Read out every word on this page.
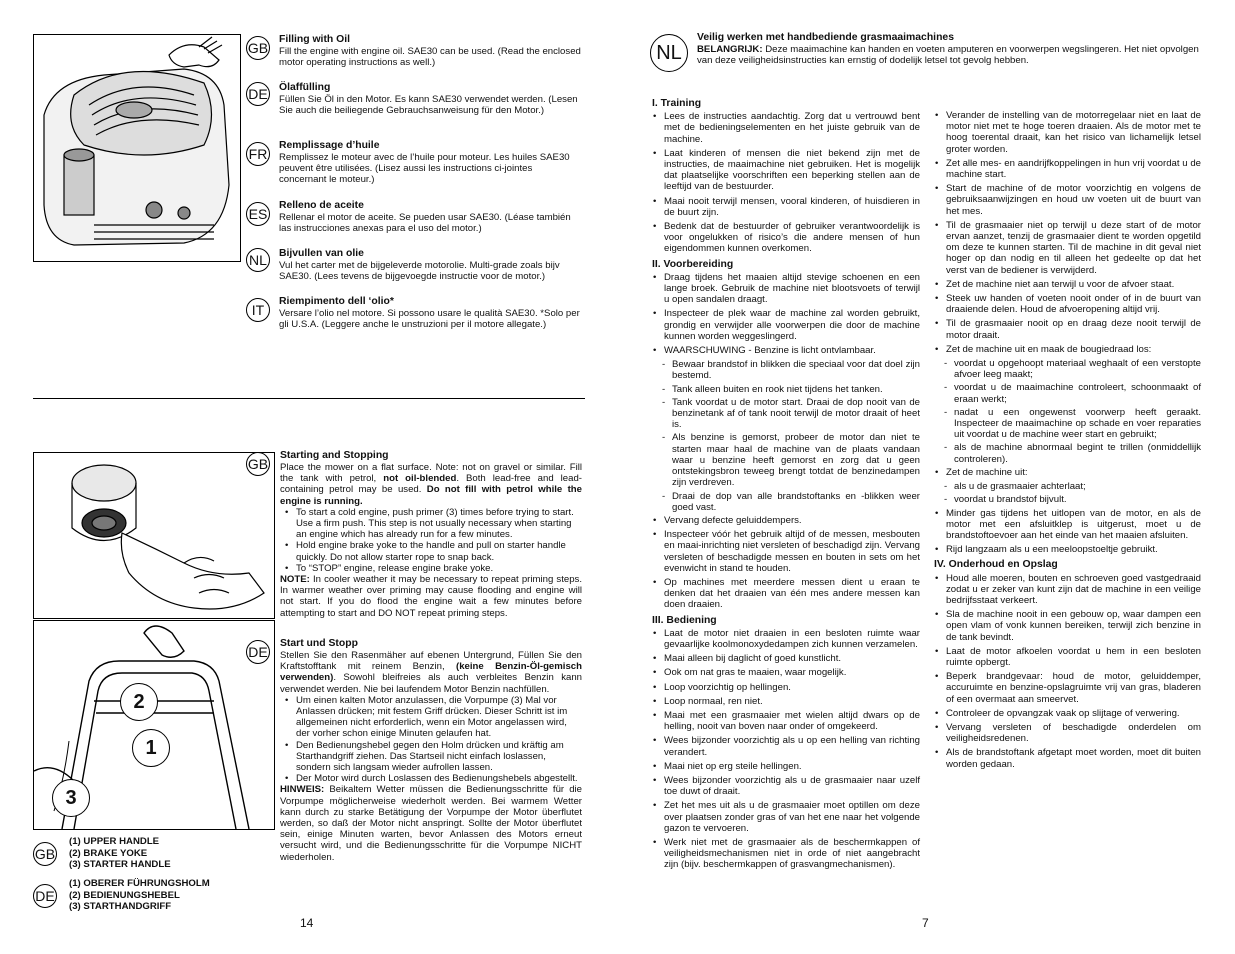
GB
Filling with Oil
Fill the engine with engine oil. SAE30 can be used. (Read the enclosed motor operating instructions as well.)
DE Ölaffülling
Füllen Sie Öl in den Motor. Es kann SAE30 verwendet werden. (Lesen Sie auch die beiliegende Gebrauchsanweisung für den Motor.)
FR
Remplissage d’huile
Remplissez le moteur avec de l’huile pour moteur. Les huiles SAE30 peuvent être utilisées. (Lisez aussi les instructions ci-jointes concernant le moteur.)
ES
Relleno de aceite
Rellenar el motor de aceite. Se pueden usar SAE30. (Léase también las instrucciones anexas para el uso del motor.)
NL Bijvullen van olie
Vul het carter met de bijgeleverde motorolie. Multi-grade zoals bijv SAE30. (Lees tevens de bijgevoegde instructie voor de motor.)
IT
Riempimento dell ‘olio*
Versare l’olio nel motore. Si possono usare le qualità SAE30. *Solo per gli U.S.A. (Leggere anche le unstruzioni per il motore allegate.)
2
1
3
GB
(1) UPPER HANDLE
(2) BRAKE YOKE
(3) STARTER HANDLE
DE
(1) OBERER FÜHRUNGSHOLM
(2) BEDIENUNGSHEBEL
(3) STARTHANDGRIFF
GB
Starting and Stopping
Place the mower on a flat surface. Note: not on gravel or similar. Fill the tank with petrol, not oil-blended. Both lead-free and lead-containing petrol may be used. Do not fill with petrol while the engine is running.
• To start a cold engine, push primer (3) times before trying to start. Use a firm push. This step is not usually necessary when starting an engine which has already run for a few minutes.
• Hold engine brake yoke to the handle and pull on starter handle quickly. Do not allow starter rope to snap back.
• To “STOP” engine, release engine brake yoke.
NOTE: In cooler weather it may be necessary to repeat priming steps. In warmer weather over priming may cause flooding and engine will not start. If you do flood the engine wait a few minutes before attempting to start and DO NOT repeat priming steps.
DE
Start und Stopp
Stellen Sie den Rasenmäher auf ebenen Untergrund, Füllen Sie den Kraftstofftank mit reinem Benzin, (keine Benzin-Öl-gemisch verwenden). Sowohl bleifreies als auch verbleites Benzin kann verwendet werden. Nie bei laufendem Motor Benzin nachfüllen.
• Um einen kalten Motor anzulassen, die Vorpumpe (3) Mal vor Anlassen drücken; mit festem Griff drücken. Dieser Schritt ist im allgemeinen nicht erforderlich, wenn ein Motor angelassen wird, der vorher schon einige Minuten gelaufen hat.
• Den Bedienungshebel gegen den Holm drücken und kräftig am Starthandgriff ziehen. Das Startseil nicht einfach loslassen, sondern sich langsam wieder aufrollen lassen.
• Der Motor wird durch Loslassen des Bedienungshebels abgestellt.
HINWEIS: Beikaltem Wetter müssen die Bedienungsschritte für die Vorpumpe möglicherweise wiederholt werden. Bei warmem Wetter kann durch zu starke Betätigung der Vorpumpe der Motor überflutet werden, so daß der Motor nicht anspringt. Sollte der Motor überflutet sein, einige Minuten warten, bevor Anlassen des Motors erneut versucht wird, und die Bedienungsschritte für die Vorpumpe NICHT wiederholen.
14
NL
Veilig werken met handbediende grasmaaimachines
BELANGRIJK: Deze maaimachine kan handen en voeten amputeren en voorwerpen wegslingeren. Het niet opvolgen van deze veiligheidsinstructies kan ernstig of dodelijk letsel tot gevolg hebben.
I. Training
• Lees de instructies aandachtig. Zorg dat u vertrouwd bent met de bedieningselementen en het juiste gebruik van de machine.
• Laat kinderen of mensen die niet bekend zijn met de instructies, de maaimachine niet gebruiken. Het is mogelijk dat plaatselijke voorschriften een beperking stellen aan de leeftijd van de bestuurder.
• Maai nooit terwijl mensen, vooral kinderen, of huisdieren in de buurt zijn.
• Bedenk dat de bestuurder of gebruiker verantwoordelijk is voor ongelukken of risico’s die andere mensen of hun eigendommen kunnen overkomen.
II. Voorbereiding
• Draag tijdens het maaien altijd stevige schoenen en een lange broek. Gebruik de machine niet blootsvoets of terwijl u open sandalen draagt.
• Inspecteer de plek waar de machine zal worden gebruikt, grondig en verwijder alle voorwerpen die door de machine kunnen worden weggeslingerd.
• WAARSCHUWING - Benzine is licht ontvlambaar.
- Bewaar brandstof in blikken die speciaal voor dat doel zijn bestemd.
- Tank alleen buiten en rook niet tijdens het tanken.
- Tank voordat u de motor start. Draai de dop nooit van de benzinetank af of tank nooit terwijl de motor draait of heet is.
- Als benzine is gemorst, probeer de motor dan niet te starten maar haal de machine van de plaats vandaan waar u benzine heeft gemorst en zorg dat u geen ontstekingsbron teweeg brengt totdat de benzinedampen zijn verdreven.
- Draai de dop van alle brandstoftanks en -blikken weer goed vast.
• Vervang defecte geluiddempers.
• Inspecteer vóór het gebruik altijd of de messen, mesbouten en maai-inrichting niet versleten of beschadigd zijn. Vervang versleten of beschadigde messen en bouten in sets om het evenwicht in stand te houden.
• Op machines met meerdere messen dient u eraan te denken dat het draaien van één mes andere messen kan doen draaien.
III. Bediening
• Laat de motor niet draaien in een besloten ruimte waar gevaarlijke koolmonoxydedampen zich kunnen verzamelen.
• Maai alleen bij daglicht of goed kunstlicht.
• Ook om nat gras te maaien, waar mogelijk.
• Loop voorzichtig op hellingen.
• Loop normaal, ren niet.
• Maai met een grasmaaier met wielen altijd dwars op de helling, nooit van boven naar onder of omgekeerd.
• Wees bijzonder voorzichtig als u op een helling van richting verandert.
• Maai niet op erg steile hellingen.
• Wees bijzonder voorzichtig als u de grasmaaier naar uzelf toe duwt of draait.
• Zet het mes uit als u de grasmaaier moet optillen om deze over plaatsen zonder gras of van het ene naar het volgende gazon te vervoeren.
• Werk niet met de grasmaaier als de beschermkappen of veiligheidsmechanismen niet in orde of niet aangebracht zijn (bijv. beschermkappen of grasvangmechanismen).
• Verander de instelling van de motorregelaar niet en laat de motor niet met te hoge toeren draaien. Als de motor met te hoog toerental draait, kan het risico van lichamelijk letsel groter worden.
• Zet alle mes- en aandrijfkoppelingen in hun vrij voordat u de machine start.
• Start de machine of de motor voorzichtig en volgens de gebruiksaanwijzingen en houd uw voeten uit de buurt van het mes.
• Til de grasmaaier niet op terwijl u deze start of de motor ervan aanzet, tenzij de grasmaaier dient te worden opgetild om deze te kunnen starten. Til de machine in dit geval niet hoger op dan nodig en til alleen het gedeelte op dat het verst van de bediener is verwijderd.
• Zet de machine niet aan terwijl u voor de afvoer staat.
• Steek uw handen of voeten nooit onder of in de buurt van draaiende delen. Houd de afvoeropening altijd vrij.
• Til de grasmaaier nooit op en draag deze nooit terwijl de motor draait.
• Zet de machine uit en maak de bougiedraad los:
- voordat u opgehoopt materiaal weghaalt of een verstopte afvoer leeg maakt;
- voordat u de maaimachine controleert, schoonmaakt of eraan werkt;
- nadat u een ongewenst voorwerp heeft geraakt. Inspecteer de maaimachine op schade en voer reparaties uit voordat u de machine weer start en gebruikt;
- als de machine abnormaal begint te trillen (onmiddellijk controleren).
• Zet de machine uit:
- als u de grasmaaier achterlaat;
- voordat u brandstof bijvult.
• Minder gas tijdens het uitlopen van de motor, en als de motor met een afsluitklep is uitgerust, moet u de brandstoftoevoer aan het einde van het maaien afsluiten.
• Rijd langzaam als u een meeloopstoeltje gebruikt.
IV. Onderhoud en Opslag
• Houd alle moeren, bouten en schroeven goed vastgedraaid zodat u er zeker van kunt zijn dat de machine in een veilige bedrijfsstaat verkeert.
• Sla de machine nooit in een gebouw op, waar dampen een open vlam of vonk kunnen bereiken, terwijl zich benzine in de tank bevindt.
• Laat de motor afkoelen voordat u hem in een besloten ruimte opbergt.
• Beperk brandgevaar: houd de motor, geluiddemper, accuruimte en benzine-opslagruimte vrij van gras, bladeren of een overmaat aan smeervet.
• Controleer de opvangzak vaak op slijtage of verwering.
• Vervang versleten of beschadigde onderdelen om veiligheidsredenen.
• Als de brandstoftank afgetapt moet worden, moet dit buiten worden gedaan.
7
